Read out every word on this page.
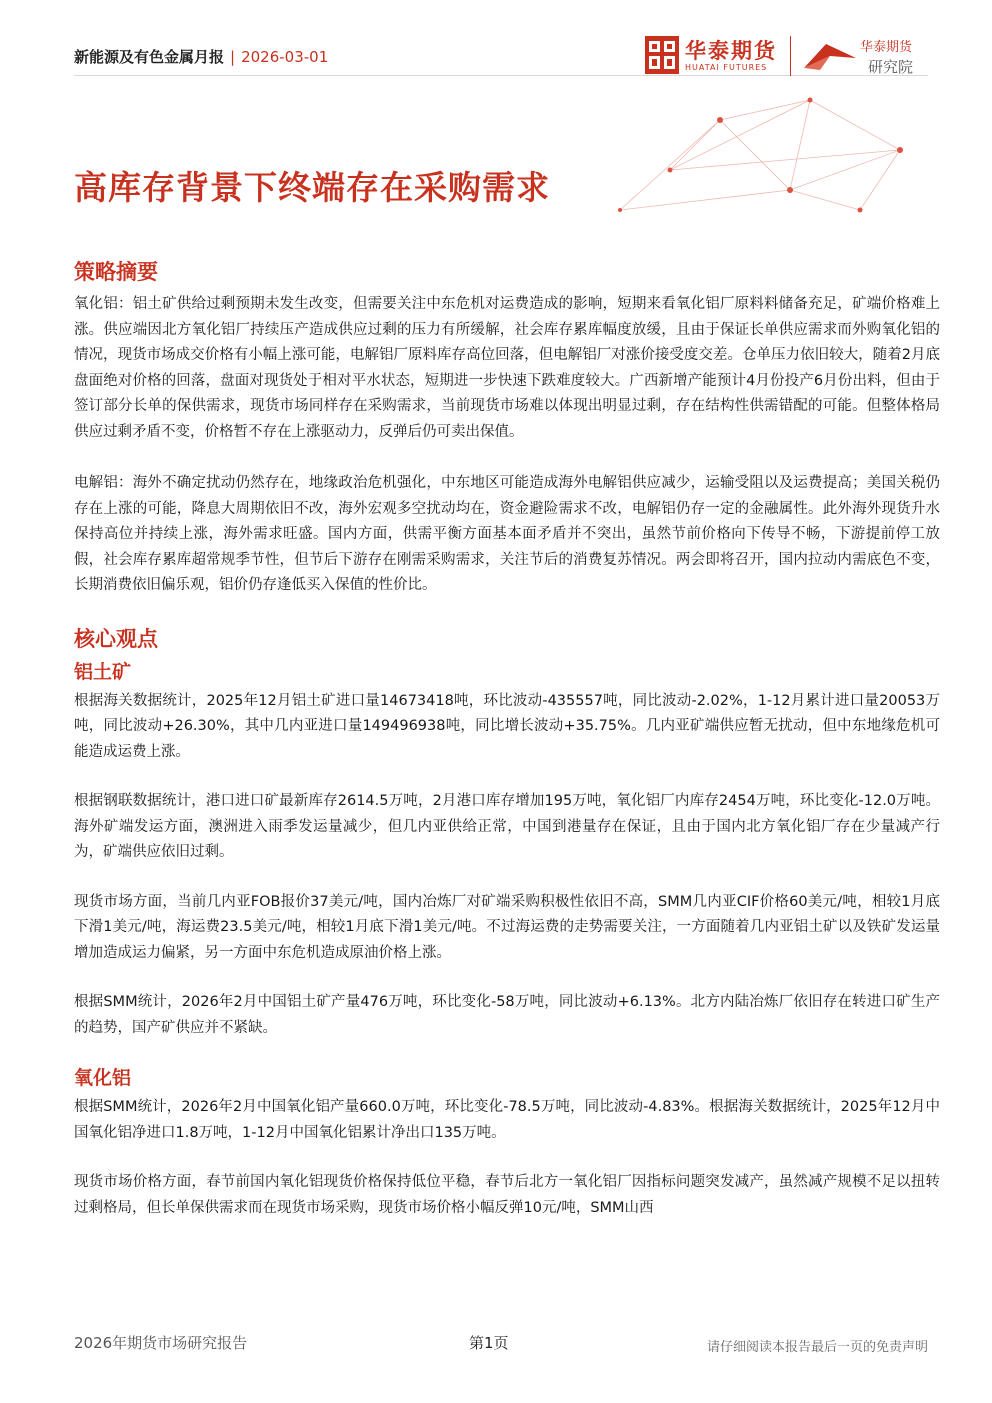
新能源及有色金属月报 | 2026-03-01	华泰期货
HUATAI FUTURES
华泰期货
研究院
高库存背景下终端存在采购需求
策略摘要

氧化铝：铝土矿供给过剩预期未发生改变，但需要关注中东危机对运费造成的影响，短期来看氧化铝厂原料料储备充足，矿端价格难上涨。供应端因北方氧化铝厂持续压产造成供应过剩的压力有所缓解，社会库存累库幅度放缓，且由于保证长单供应需求而外购氧化铝的情况，现货市场成交价格有小幅上涨可能，电解铝厂原料库存高位回落，但电解铝厂对涨价接受度交差。仓单压力依旧较大，随着2月底盘面绝对价格的回落，盘面对现货处于相对平水状态，短期进一步快速下跌难度较大。广西新增产能预计4月份投产6月份出料，但由于签订部分长单的保供需求，现货市场同样存在采购需求，当前现货市场难以体现出明显过剩，存在结构性供需错配的可能。但整体格局供应过剩矛盾不变，价格暂不存在上涨驱动力，反弹后仍可卖出保值。

电解铝：海外不确定扰动仍然存在，地缘政治危机强化，中东地区可能造成海外电解铝供应减少，运输受阻以及运费提高；美国关税仍存在上涨的可能，降息大周期依旧不改，海外宏观多空扰动均在，资金避险需求不改，电解铝仍存一定的金融属性。此外海外现货升水保持高位并持续上涨，海外需求旺盛。国内方面，供需平衡方面基本面矛盾并不突出，虽然节前价格向下传导不畅，下游提前停工放假，社会库存累库超常规季节性，但节后下游存在刚需采购需求，关注节后的消费复苏情况。两会即将召开，国内拉动内需底色不变，长期消费依旧偏乐观，铝价仍存逢低买入保值的性价比。

核心观点
铝土矿

根据海关数据统计，2025年12月铝土矿进口量14673418吨，环比波动-435557吨，同比波动-2.02%，1-12月累计进口量20053万吨，同比波动+26.30%，其中几内亚进口量149496938吨，同比增长波动+35.75%。几内亚矿端供应暂无扰动，但中东地缘危机可能造成运费上涨。

根据钢联数据统计，港口进口矿最新库存2614.5万吨，2月港口库存增加195万吨，氧化铝厂内库存2454万吨，环比变化-12.0万吨。海外矿端发运方面，澳洲进入雨季发运量减少，但几内亚供给正常，中国到港量存在保证，且由于国内北方氧化铝厂存在少量减产行为，矿端供应依旧过剩。

现货市场方面，当前几内亚FOB报价37美元/吨，国内冶炼厂对矿端采购积极性依旧不高，SMM几内亚CIF价格60美元/吨，相较1月底下滑1美元/吨，海运费23.5美元/吨，相较1月底下滑1美元/吨。不过海运费的走势需要关注，一方面随着几内亚铝土矿以及铁矿发运量增加造成运力偏紧，另一方面中东危机造成原油价格上涨。

根据SMM统计，2026年2月中国铝土矿产量476万吨，环比变化-58万吨，同比波动+6.13%。北方内陆冶炼厂依旧存在转进口矿生产的趋势，国产矿供应并不紧缺。

氧化铝

根据SMM统计，2026年2月中国氧化铝产量660.0万吨，环比变化-78.5万吨，同比波动-4.83%。根据海关数据统计，2025年12月中国氧化铝净进口1.8万吨，1-12月中国氧化铝累计净出口135万吨。

现货市场价格方面，春节前国内氧化铝现货价格保持低位平稳，春节后北方一氧化铝厂因指标问题突发减产，虽然减产规模不足以扭转过剩格局，但长单保供需求而在现货市场采购，现货市场价格小幅反弹10元/吨，SMM山西

2026年期货市场研究报告	第1页	请仔细阅读本报告最后一页的免责声明
